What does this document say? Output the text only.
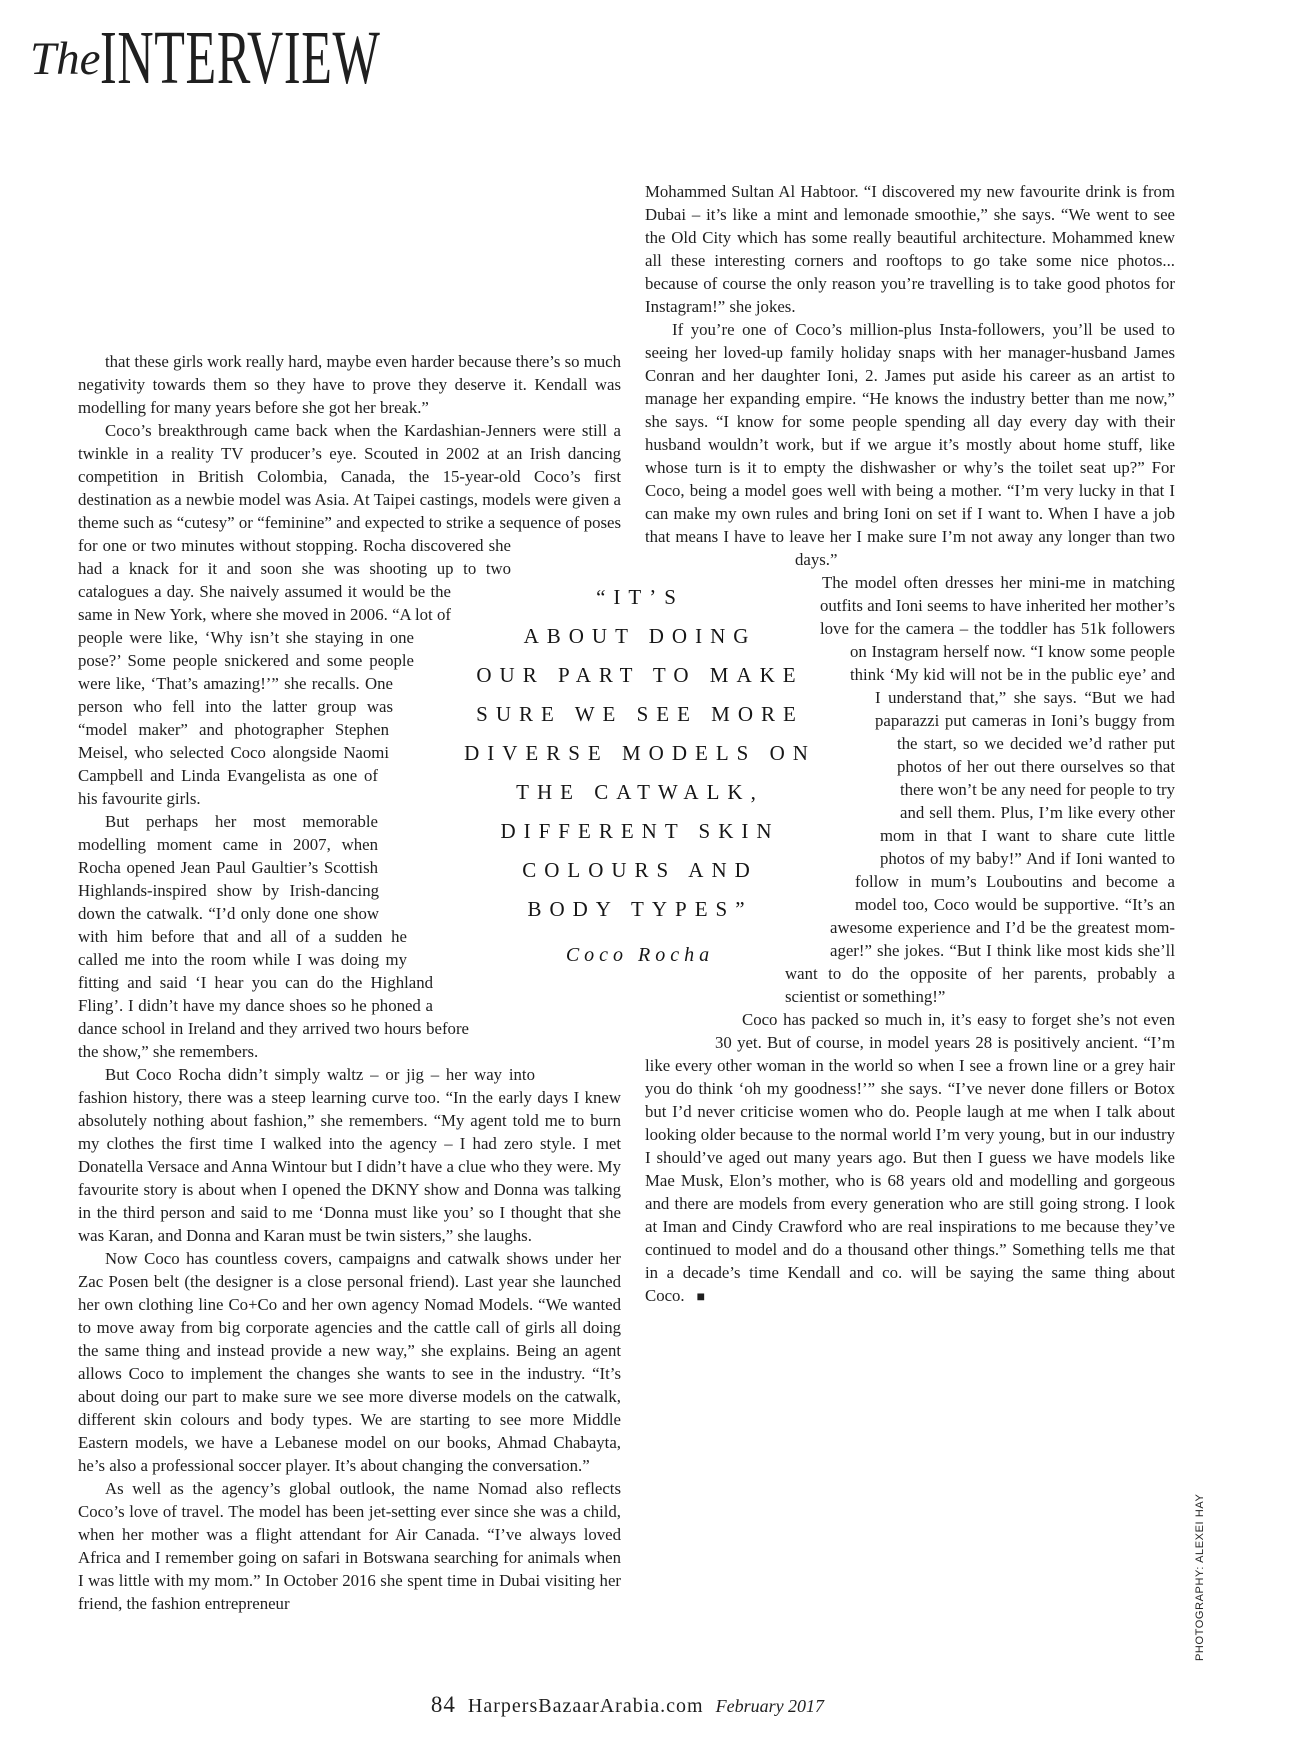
The INTERVIEW

that these girls work really hard, maybe even harder because there’s so much negativity towards them so they have to prove they deserve it. Kendall was modelling for many years before she got her break.”

Coco’s breakthrough came back when the Kardashian-Jenners were still a twinkle in a reality TV producer’s eye. Scouted in 2002 at an Irish dancing competition in British Colombia, Canada, the 15-year-old Coco’s first destination as a newbie model was Asia. At Taipei castings, models were given a theme such as “cutesy” or “feminine” and expected to strike a sequence of poses for one or two minutes without stopping. Rocha discovered she had a knack for it and soon she was shooting up to two catalogues a day. She naively assumed it would be the same in New York, where she moved in 2006. “A lot of people were like, ‘Why isn’t she staying in one pose?’ Some people snickered and some people were like, ‘That’s amazing!’” she recalls. One person who fell into the latter group was “model maker” and photographer Stephen Meisel, who selected Coco alongside Naomi Campbell and Linda Evangelista as one of his favourite girls.

But perhaps her most memorable modelling moment came in 2007, when Rocha opened Jean Paul Gaultier’s Scottish Highlands-inspired show by Irish-dancing down the catwalk. “I’d only done one show with him before that and all of a sudden he called me into the room while I was doing my fitting and said ‘I hear you can do the Highland Fling’. I didn’t have my dance shoes so he phoned a dance school in Ireland and they arrived two hours before the show,” she remembers.

But Coco Rocha didn’t simply waltz – or jig – her way into fashion history, there was a steep learning curve too. “In the early days I knew absolutely nothing about fashion,” she remembers. “My agent told me to burn my clothes the first time I walked into the agency – I had zero style. I met Donatella Versace and Anna Wintour but I didn’t have a clue who they were. My favourite story is about when I opened the DKNY show and Donna was talking in the third person and said to me ‘Donna must like you’ so I thought that she was Karan, and Donna and Karan must be twin sisters,” she laughs.

Now Coco has countless covers, campaigns and catwalk shows under her Zac Posen belt (the designer is a close personal friend). Last year she launched her own clothing line Co+Co and her own agency Nomad Models. “We wanted to move away from big corporate agencies and the cattle call of girls all doing the same thing and instead provide a new way,” she explains. Being an agent allows Coco to implement the changes she wants to see in the industry. “It’s about doing our part to make sure we see more diverse models on the catwalk, different skin colours and body types. We are starting to see more Middle Eastern models, we have a Lebanese model on our books, Ahmad Chabayta, he’s also a professional soccer player. It’s about changing the conversation.”

As well as the agency’s global outlook, the name Nomad also reflects Coco’s love of travel. The model has been jet-setting ever since she was a child, when her mother was a flight attendant for Air Canada. “I’ve always loved Africa and I remember going on safari in Botswana searching for animals when I was little with my mom.” In October 2016 she spent time in Dubai visiting her friend, the fashion entrepreneur

Mohammed Sultan Al Habtoor. “I discovered my new favourite drink is from Dubai – it’s like a mint and lemonade smoothie,” she says. “We went to see the Old City which has some really beautiful architecture. Mohammed knew all these interesting corners and rooftops to go take some nice photos... because of course the only reason you’re travelling is to take good photos for Instagram!” she jokes.

If you’re one of Coco’s million-plus Insta-followers, you’ll be used to seeing her loved-up family holiday snaps with her manager-husband James Conran and her daughter Ioni, 2. James put aside his career as an artist to manage her expanding empire. “He knows the industry better than me now,” she says. “I know for some people spending all day every day with their husband wouldn’t work, but if we argue it’s mostly about home stuff, like whose turn is it to empty the dishwasher or why’s the toilet seat up?” For Coco, being a model goes well with being a mother. “I’m very lucky in that I can make my own rules and bring Ioni on set if I want to. When I have a job that means I have to leave her I make sure I’m not away any longer than two days.”

The model often dresses her mini-me in matching outfits and Ioni seems to have inherited her mother’s love for the camera – the toddler has 51k followers on Instagram herself now. “I know some people think ‘My kid will not be in the public eye’ and I understand that,” she says. “But we had paparazzi put cameras in Ioni’s buggy from the start, so we decided we’d rather put photos of her out there ourselves so that there won’t be any need for people to try and sell them. Plus, I’m like every other mom in that I want to share cute little photos of my baby!” And if Ioni wanted to follow in mum’s Louboutins and become a model too, Coco would be supportive. “It’s an awesome experience and I’d be the greatest mom-ager!” she jokes. “But I think like most kids she’ll want to do the opposite of her parents, probably a scientist or something!”

Coco has packed so much in, it’s easy to forget she’s not even 30 yet. But of course, in model years 28 is positively ancient. “I’m like every other woman in the world so when I see a frown line or a grey hair you do think ‘oh my goodness!’” she says. “I’ve never done fillers or Botox but I’d never criticise women who do. People laugh at me when I talk about looking older because to the normal world I’m very young, but in our industry I should’ve aged out many years ago. But then I guess we have models like Mae Musk, Elon’s mother, who is 68 years old and modelling and gorgeous and there are models from every generation who are still going strong. I look at Iman and Cindy Crawford who are real inspirations to me because they’ve continued to model and do a thousand other things.” Something tells me that in a decade’s time Kendall and co. will be saying the same thing about Coco. ■

“IT’S
ABOUT DOING
OUR PART TO MAKE
SURE WE SEE MORE
DIVERSE MODELS ON
THE CATWALK,
DIFFERENT SKIN
COLOURS AND
BODY TYPES”
Coco Rocha
84 HarpersBazaarArabia.com February 2017
PHOTOGRAPHY: ALEXEI HAY
